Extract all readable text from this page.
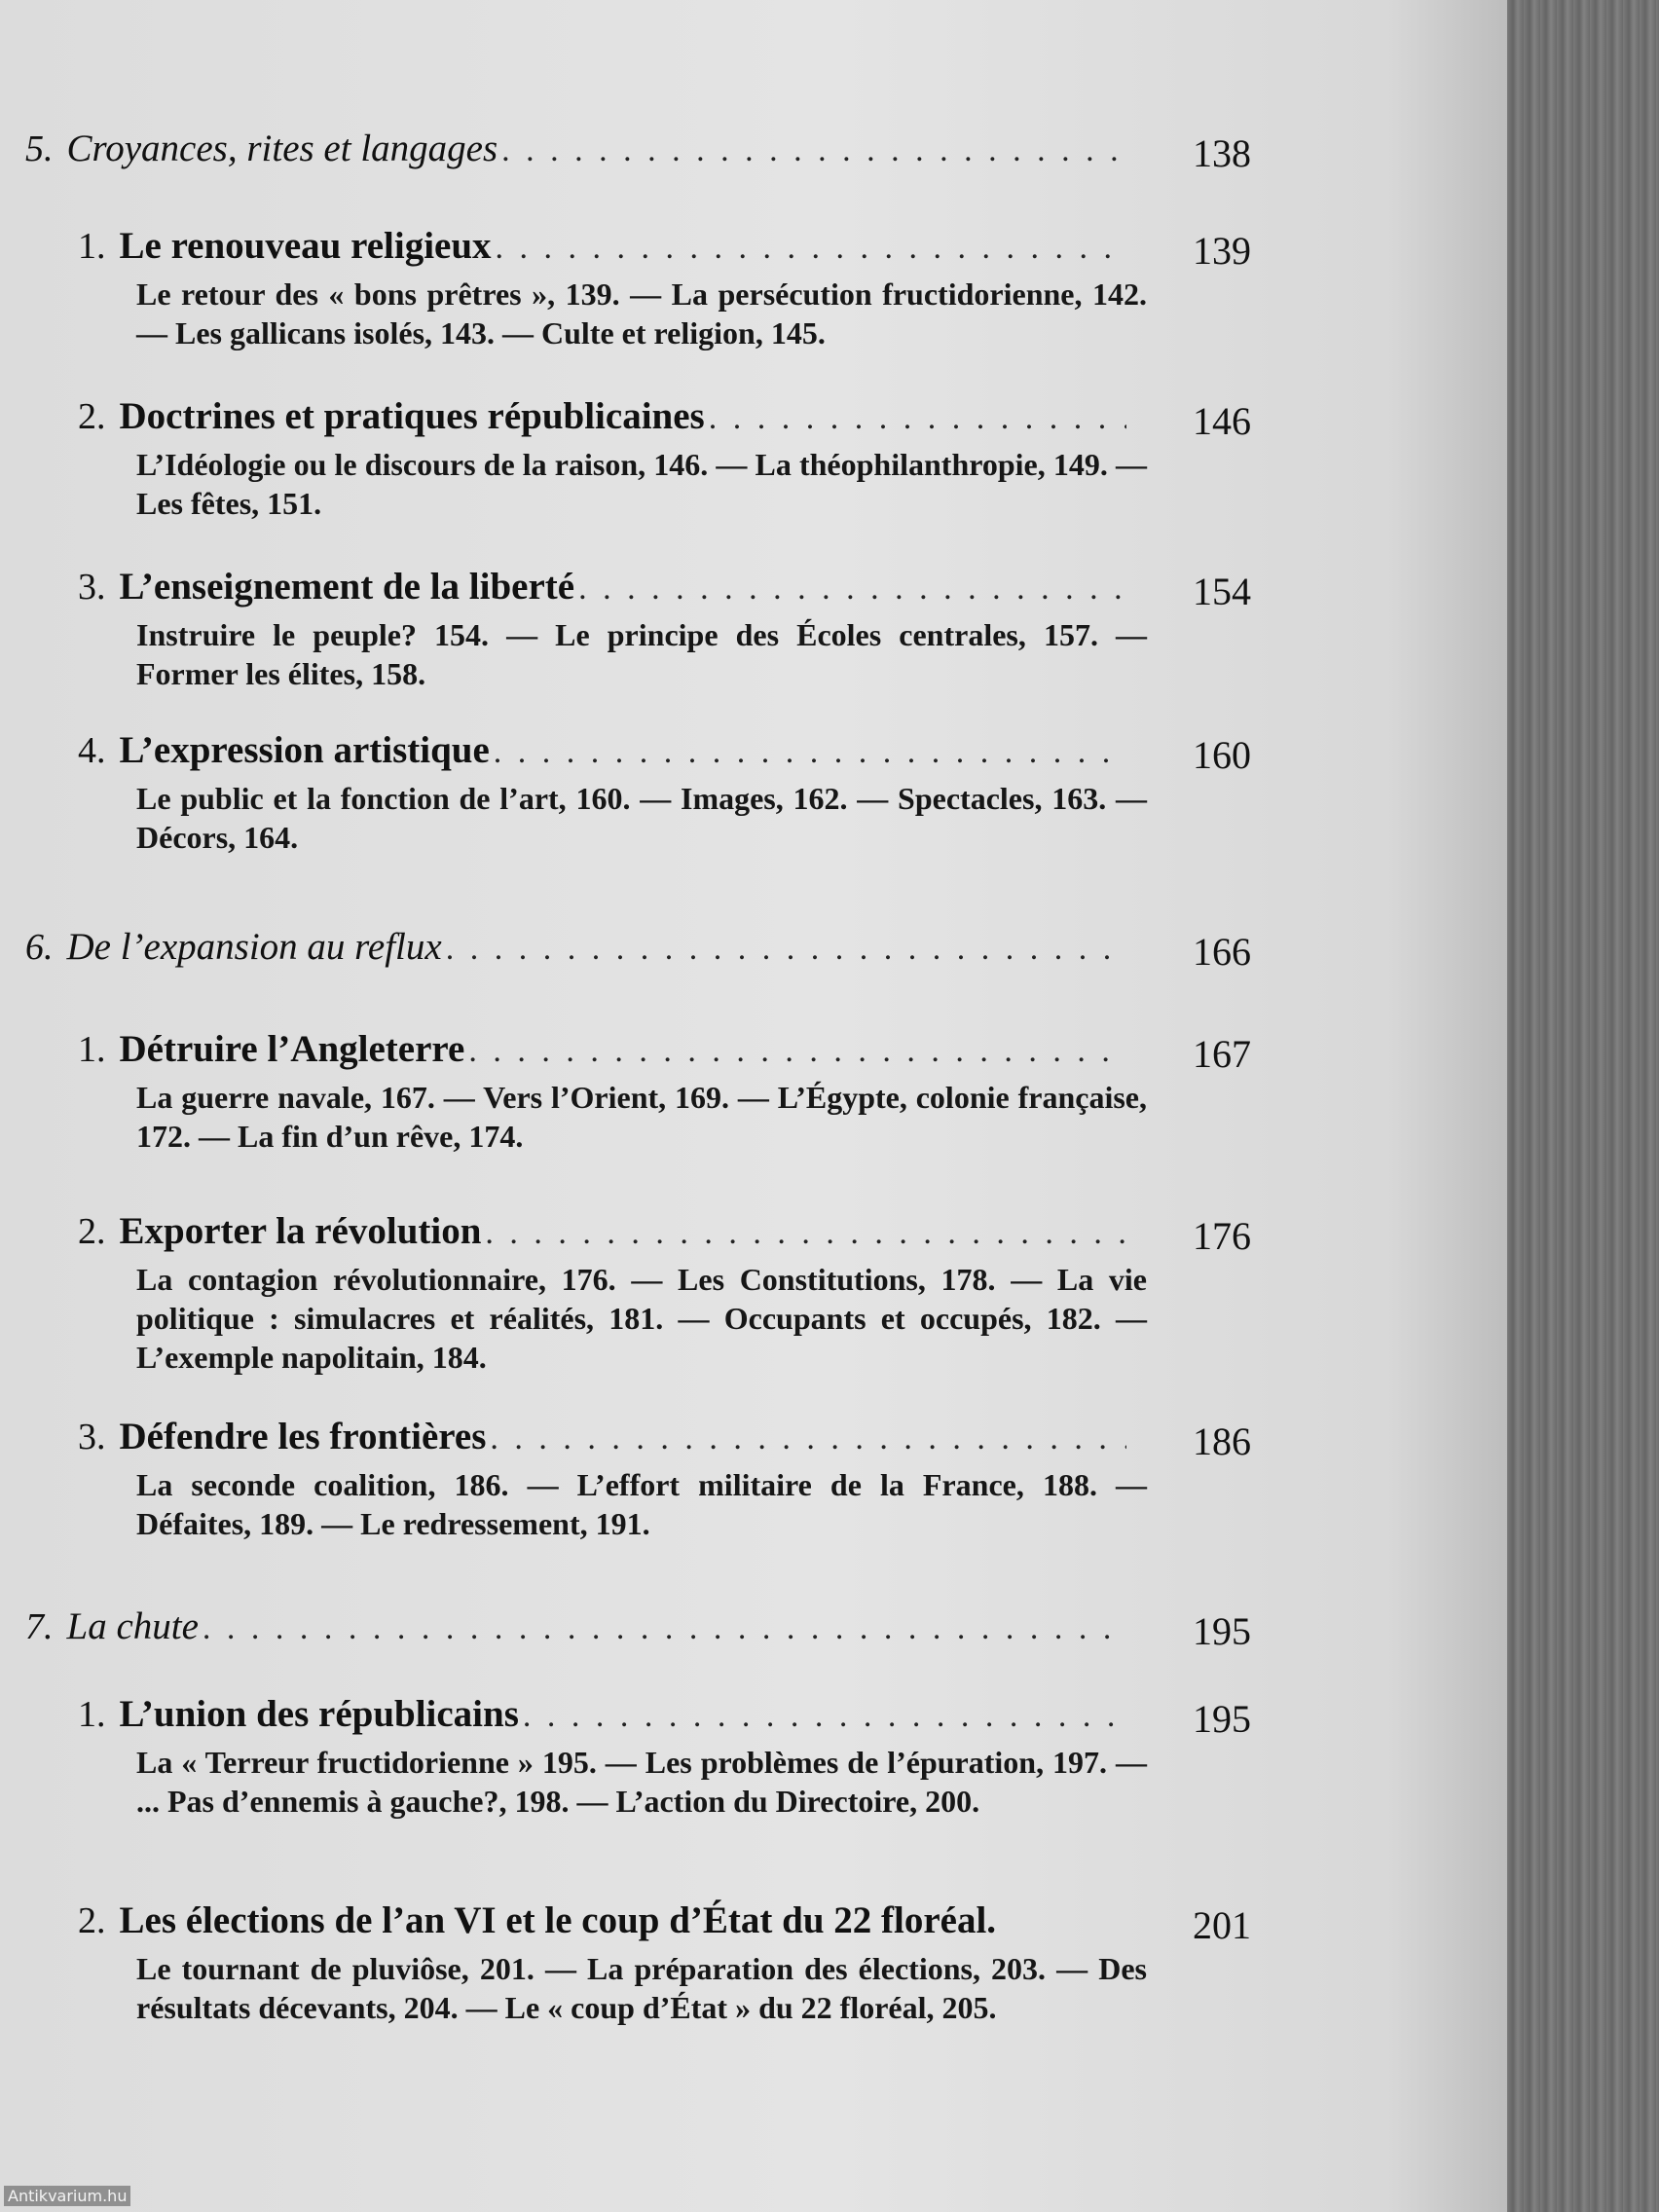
5. Croyances, rites et langages . . .	138
1. Le renouveau religieux . . .	139
Le retour des « bons prêtres », 139. — La persécution fructidorienne, 142. — Les gallicans isolés, 143. — Culte et religion, 145.
2. Doctrines et pratiques républicaines . . .	146
L’Idéologie ou le discours de la raison, 146. — La théophilanthropie, 149. — Les fêtes, 151.
3. L’enseignement de la liberté . . .	154
Instruire le peuple? 154. — Le principe des Écoles centrales, 157. — Former les élites, 158.
4. L’expression artistique . . .	160
Le public et la fonction de l’art, 160. — Images, 162. — Spectacles, 163. — Décors, 164.
6. De l’expansion au reflux . . .	166
1. Détruire l’Angleterre . . .	167
La guerre navale, 167. — Vers l’Orient, 169. — L’Égypte, colonie française, 172. — La fin d’un rêve, 174.
2. Exporter la révolution . . .	176
La contagion révolutionnaire, 176. — Les Constitutions, 178. — La vie politique : simulacres et réalités, 181. — Occupants et occupés, 182. — L’exemple napolitain, 184.
3. Défendre les frontières . . .	186
La seconde coalition, 186. — L’effort militaire de la France, 188. — Défaites, 189. — Le redressement, 191.
7. La chute . . .	195
1. L’union des républicains . . .	195
La « Terreur fructidorienne » 195. — Les problèmes de l’épuration, 197. — ... Pas d’ennemis à gauche?, 198. — L’action du Directoire, 200.
2. Les élections de l’an VI et le coup d’État du 22 floréal.	201
Le tournant de pluviôse, 201. — La préparation des élections, 203. — Des résultats décevants, 204. — Le « coup d’État » du 22 floréal, 205.
Antikvarium.hu
